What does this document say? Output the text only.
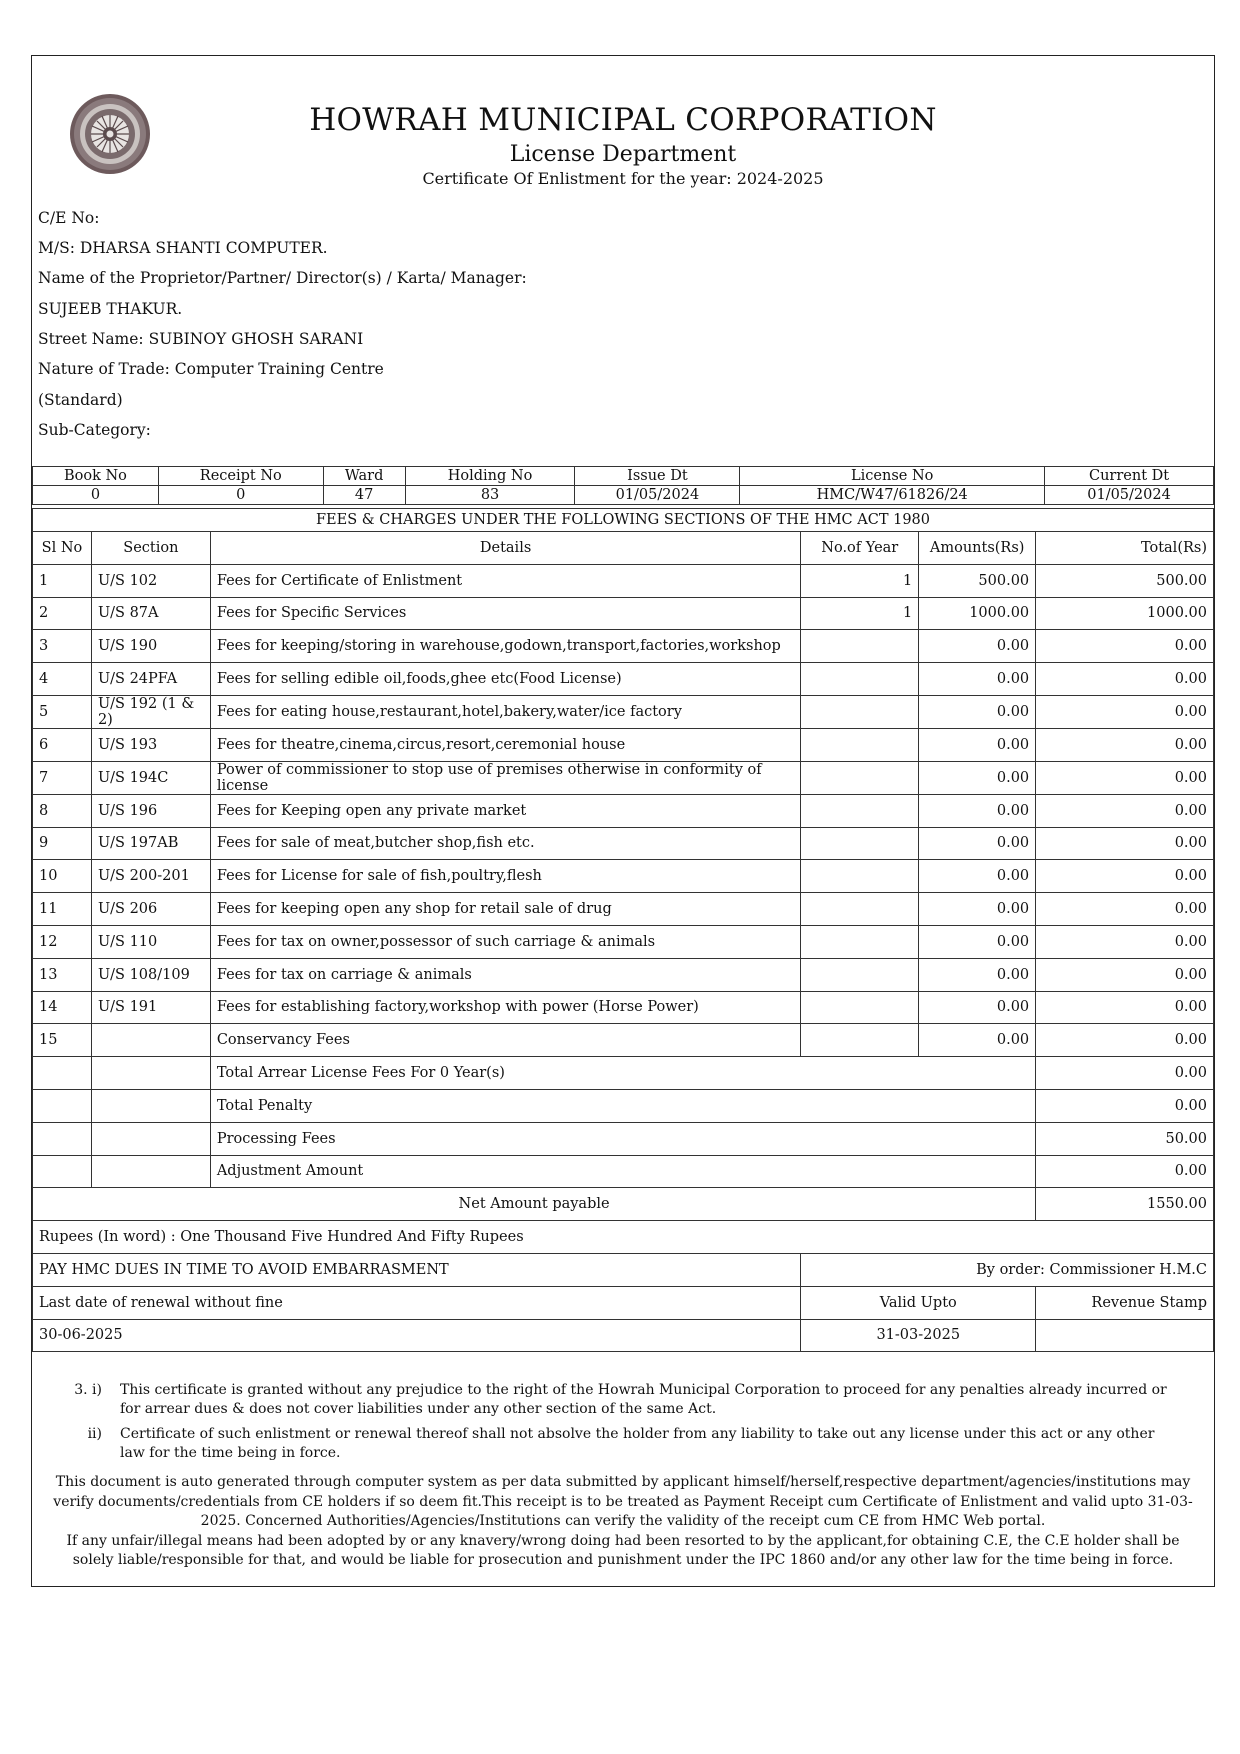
HOWRAH MUNICIPAL CORPORATION
License Department
Certificate Of Enlistment for the year: 2024-2025
C/E No:
M/S: DHARSA SHANTI COMPUTER.
Name of the Proprietor/Partner/ Director(s) / Karta/ Manager:
SUJEEB THAKUR.
Street Name: SUBINOY GHOSH SARANI
Nature of Trade: Computer Training Centre
(Standard)
Sub-Category:
Book No	Receipt No	Ward	Holding No	Issue Dt	License No	Current Dt
0	0	47	83	01/05/2024	HMC/W47/61826/24	01/05/2024
FEES & CHARGES UNDER THE FOLLOWING SECTIONS OF THE HMC ACT 1980					
Sl No	Section	Details	No.of Year	Amounts(Rs)	Total(Rs)
1	U/S 102	Fees for Certificate of Enlistment	1	500.00	500.00
2	U/S 87A	Fees for Specific Services	1	1000.00	1000.00
3	U/S 190	Fees for keeping/storing in warehouse,godown,transport,factories,workshop		0.00	0.00
4	U/S 24PFA	Fees for selling edible oil,foods,ghee etc(Food License)		0.00	0.00
5	U/S 192 (1 & 2)	Fees for eating house,restaurant,hotel,bakery,water/ice factory		0.00	0.00
6	U/S 193	Fees for theatre,cinema,circus,resort,ceremonial house		0.00	0.00
7	U/S 194C	Power of commissioner to stop use of premises otherwise in conformity of license		0.00	0.00
8	U/S 196	Fees for Keeping open any private market		0.00	0.00
9	U/S 197AB	Fees for sale of meat,butcher shop,fish etc.		0.00	0.00
10	U/S 200-201	Fees for License for sale of fish,poultry,flesh		0.00	0.00
11	U/S 206	Fees for keeping open any shop for retail sale of drug		0.00	0.00
12	U/S 110	Fees for tax on owner,possessor of such carriage & animals		0.00	0.00
13	U/S 108/109	Fees for tax on carriage & animals		0.00	0.00
14	U/S 191	Fees for establishing factory,workshop with power (Horse Power)		0.00	0.00
15		Conservancy Fees		0.00	0.00
		Total Arrear License Fees For 0 Year(s)			0.00
		Total Penalty			0.00
		Processing Fees			50.00
		Adjustment Amount			0.00
Net Amount payable					1550.00
Rupees (In word) : One Thousand Five Hundred And Fifty Rupees					
PAY HMC DUES IN TIME TO AVOID EMBARRASMENT			By order: Commissioner H.M.C		
Last date of renewal without fine			Valid Upto		Revenue Stamp
30-06-2025			31-03-2025		
3. i)	This certificate is granted without any prejudice to the right of the Howrah Municipal Corporation to proceed for any penalties already incurred or for arrear dues & does not cover liabilities under any other section of the same Act.
ii)	Certificate of such enlistment or renewal thereof shall not absolve the holder from any liability to take out any license under this act or any other law for the time being in force.
This document is auto generated through computer system as per data submitted by applicant himself/herself,respective department/agencies/institutions may verify documents/credentials from CE holders if so deem fit.This receipt is to be treated as Payment Receipt cum Certificate of Enlistment and valid upto 31-03-2025. Concerned Authorities/Agencies/Institutions can verify the validity of the receipt cum CE from HMC Web portal.
If any unfair/illegal means had been adopted by or any knavery/wrong doing had been resorted to by the applicant,for obtaining C.E, the C.E holder shall be solely liable/responsible for that, and would be liable for prosecution and punishment under the IPC 1860 and/or any other law for the time being in force.
